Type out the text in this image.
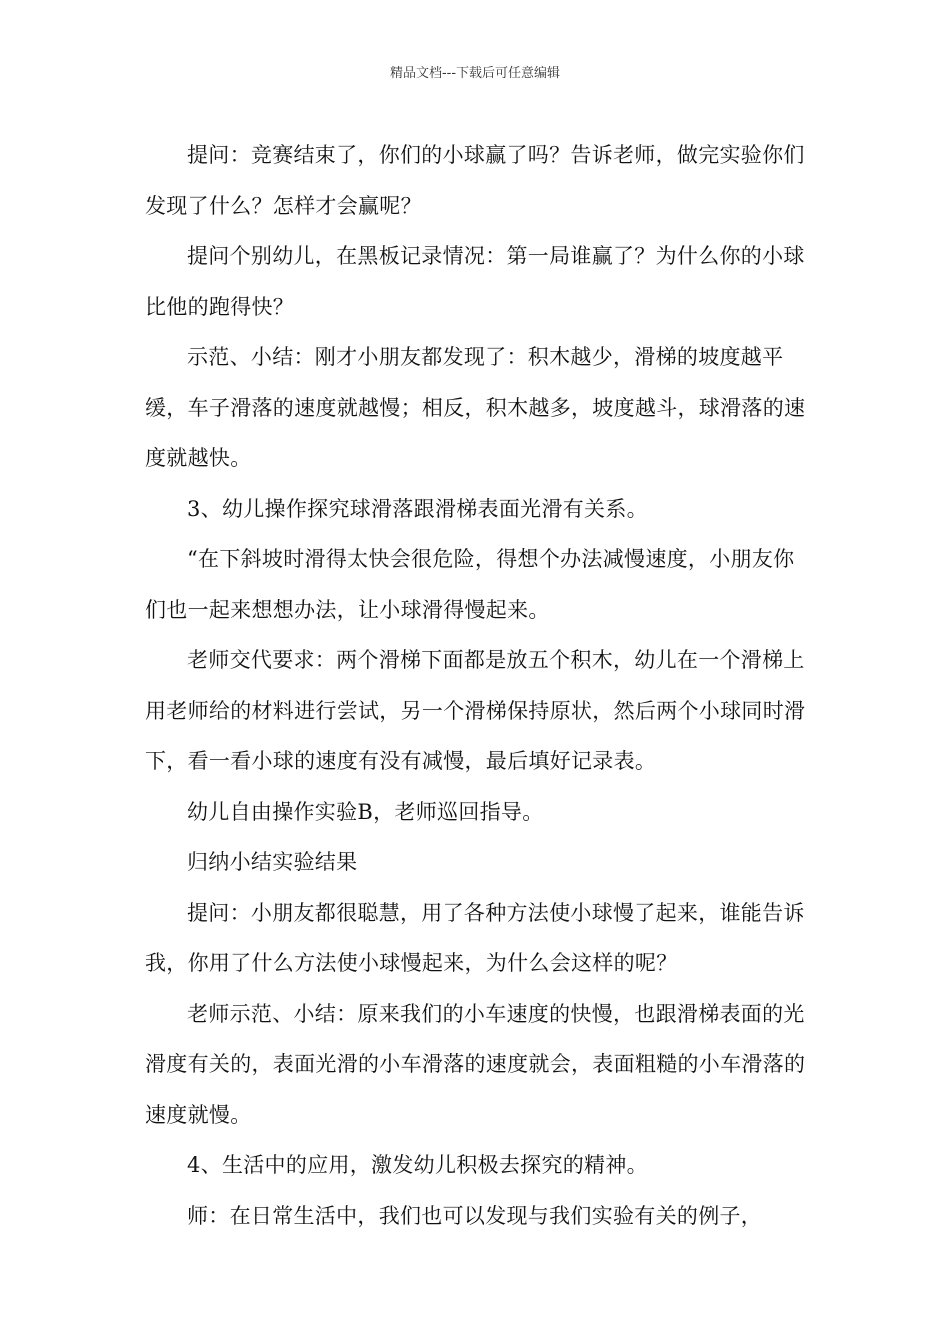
精品文档---下载后可任意编辑

提问：竞赛结束了，你们的小球赢了吗？告诉老师，做完实验你们发现了什么？怎样才会赢呢？

提问个别幼儿，在黑板记录情况：第一局谁赢了？为什么你的小球比他的跑得快？

示范、小结：刚才小朋友都发现了：积木越少，滑梯的坡度越平缓，车子滑落的速度就越慢；相反，积木越多，坡度越斗，球滑落的速度就越快。

3、幼儿操作探究球滑落跟滑梯表面光滑有关系。

“在下斜坡时滑得太快会很危险，得想个办法减慢速度，小朋友你们也一起来想想办法，让小球滑得慢起来。

老师交代要求：两个滑梯下面都是放五个积木，幼儿在一个滑梯上用老师给的材料进行尝试，另一个滑梯保持原状，然后两个小球同时滑下，看一看小球的速度有没有减慢，最后填好记录表。

幼儿自由操作实验B，老师巡回指导。

归纳小结实验结果

提问：小朋友都很聪慧，用了各种方法使小球慢了起来，谁能告诉我，你用了什么方法使小球慢起来，为什么会这样的呢？

老师示范、小结：原来我们的小车速度的快慢，也跟滑梯表面的光滑度有关的，表面光滑的小车滑落的速度就会，表面粗糙的小车滑落的速度就慢。

4、生活中的应用，激发幼儿积极去探究的精神。

师：在日常生活中，我们也可以发现与我们实验有关的例子，
